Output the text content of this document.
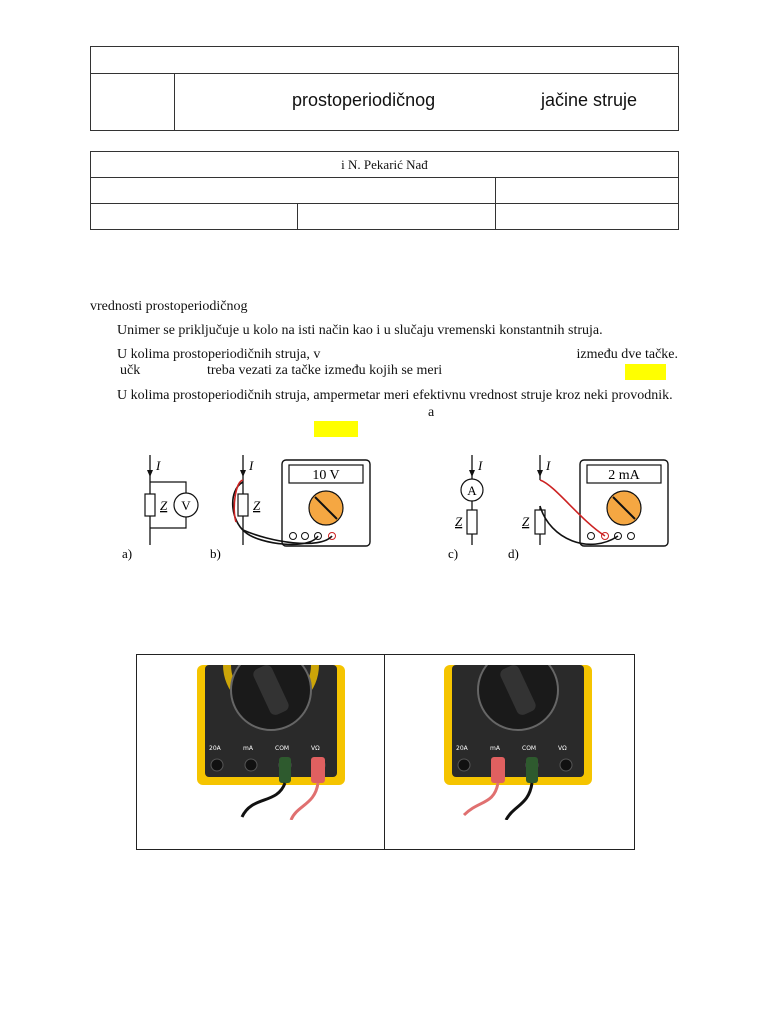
prostoperiodičnog	jačine struje
i N. Pekarić Nađ		

vrednosti prostoperiodičnog
Unimer se priključuje u kolo na isti način kao i u slučaju vremenski konstantnih struja.
U kolima prostoperiodičnih struja, v	između dve tačke.
učk	treba vezati za tačke između kojih se meri
U kolima prostoperiodičnih struja, ampermetar meri efektivnu vrednost struje kroz neki provodnik.
a
I
Z V
I
Z
10 V
I
A
Z
I
Z
2 mA
a)	b)	c)	d)
20A	mA	COM	VΩ	20A	mA	COM	VΩ
